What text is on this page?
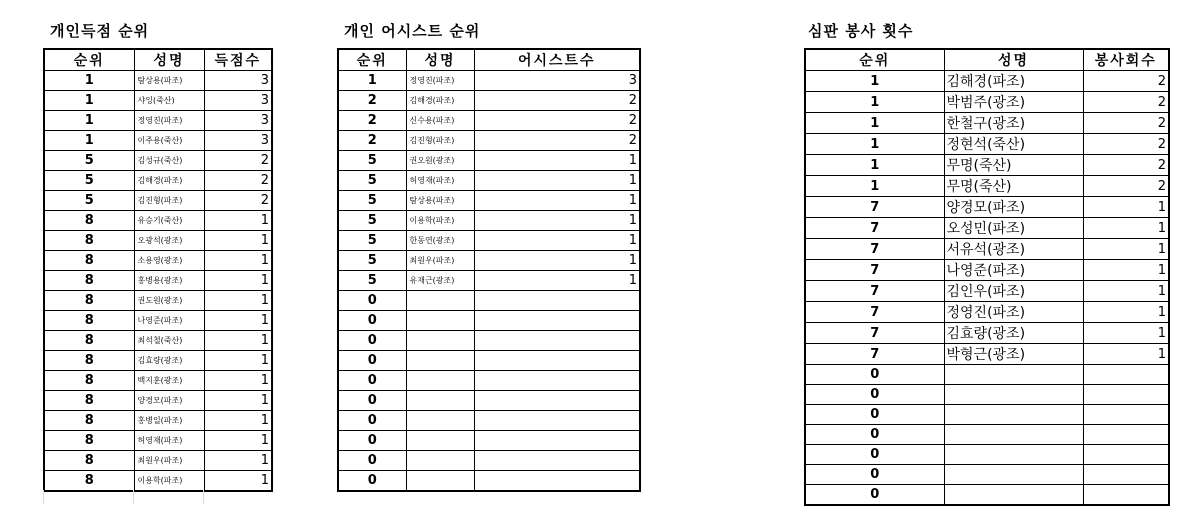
개인득점 순위	개인 어시스트 순위	심판 봉사 횟수
순위	성명	득점수
1	탐상용(파조)	3
1	샤잉(죽산)	3
1	정영진(파조)	3
1	이주용(죽산)	3
5	김성규(죽산)	2
5	김해경(파조)	2
5	김진형(파조)	2
8	유승기(죽산)	1
8	오광석(광조)	1
8	소용영(광조)	1
8	홍병용(광조)	1
8	권도원(광조)	1
8	나영준(파조)	1
8	최석철(죽산)	1
8	김효량(광조)	1
8	백지훈(광조)	1
8	양경모(파조)	1
8	홍병일(파조)	1
8	허영재(파조)	1
8	최원우(파조)	1
8	이용학(파조)	1
순위	성명	어시스트수
1	정영진(파조)	3
2	김해경(파조)	2
2	신수용(파조)	2
2	김진형(파조)	2
5	권오원(광조)	1
5	허영재(파조)	1
5	탐상용(파조)	1
5	이용학(파조)	1
5	한동연(광조)	1
5	최원우(파조)	1
5	유재근(광조)	1
0		
0		
0		
0		
0		
0		
0		
0		
0		
0		
순위	성명	봉사회수
1	김해경(파조)	2
1	박범주(광조)	2
1	한철구(광조)	2
1	정현석(죽산)	2
1	무명(죽산)	2
1	무명(죽산)	2
7	양경모(파조)	1
7	오성민(파조)	1
7	서유석(광조)	1
7	나영준(파조)	1
7	김인우(파조)	1
7	정영진(파조)	1
7	김효량(광조)	1
7	박형근(광조)	1
0		
0		
0		
0		
0		
0		
0		
